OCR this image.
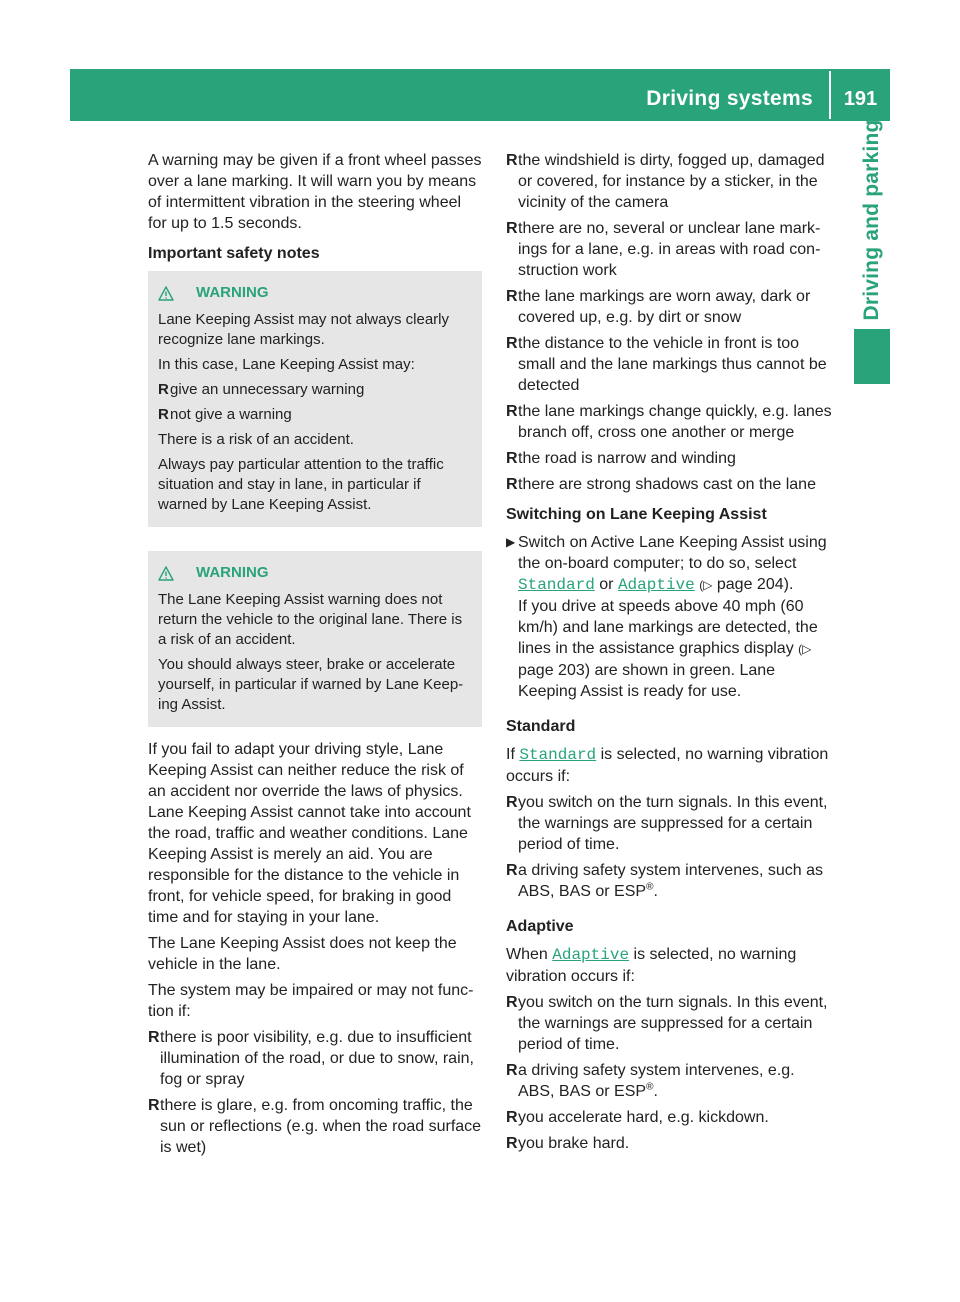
Driving systems	191
Driving and parking

A warning may be given if a front wheel passes over a lane marking. It will warn you by means of intermittent vibration in the steering wheel for up to 1.5 seconds.

Important safety notes

WARNING

Lane Keeping Assist may not always clearly recognize lane markings.

In this case, Lane Keeping Assist may:

R give an unnecessary warning
R not give a warning

There is a risk of an accident.

Always pay particular attention to the traffic situation and stay in lane, in particular if warned by Lane Keeping Assist.

WARNING

The Lane Keeping Assist warning does not return the vehicle to the original lane. There is a risk of an accident.

You should always steer, brake or accelerate yourself, in particular if warned by Lane Keeping Assist.

If you fail to adapt your driving style, Lane Keeping Assist can neither reduce the risk of an accident nor override the laws of physics. Lane Keeping Assist cannot take into account the road, traffic and weather conditions. Lane Keeping Assist is merely an aid. You are responsible for the distance to the vehicle in front, for vehicle speed, for braking in good time and for staying in your lane.

The Lane Keeping Assist does not keep the vehicle in the lane.

The system may be impaired or may not function if:

R there is poor visibility, e.g. due to insufficient illumination of the road, or due to snow, rain, fog or spray
R there is glare, e.g. from oncoming traffic, the sun or reflections (e.g. when the road surface is wet)
R the windshield is dirty, fogged up, damaged or covered, for instance by a sticker, in the vicinity of the camera
R there are no, several or unclear lane markings for a lane, e.g. in areas with road construction work
R the lane markings are worn away, dark or covered up, e.g. by dirt or snow
R the distance to the vehicle in front is too small and the lane markings thus cannot be detected
R the lane markings change quickly, e.g. lanes branch off, cross one another or merge
R the road is narrow and winding
R there are strong shadows cast on the lane

Switching on Lane Keeping Assist

▶ Switch on Active Lane Keeping Assist using the on-board computer; to do so, select Standard or Adaptive (▷ page 204).
If you drive at speeds above 40 mph (60 km/h) and lane markings are detected, the lines in the assistance graphics display (▷ page 203) are shown in green. Lane Keeping Assist is ready for use.

Standard

If Standard is selected, no warning vibration occurs if:

R you switch on the turn signals. In this event, the warnings are suppressed for a certain period of time.
R a driving safety system intervenes, such as ABS, BAS or ESP®.

Adaptive

When Adaptive is selected, no warning vibration occurs if:

R you switch on the turn signals. In this event, the warnings are suppressed for a certain period of time.
R a driving safety system intervenes, e.g. ABS, BAS or ESP®.
R you accelerate hard, e.g. kickdown.
R you brake hard.
